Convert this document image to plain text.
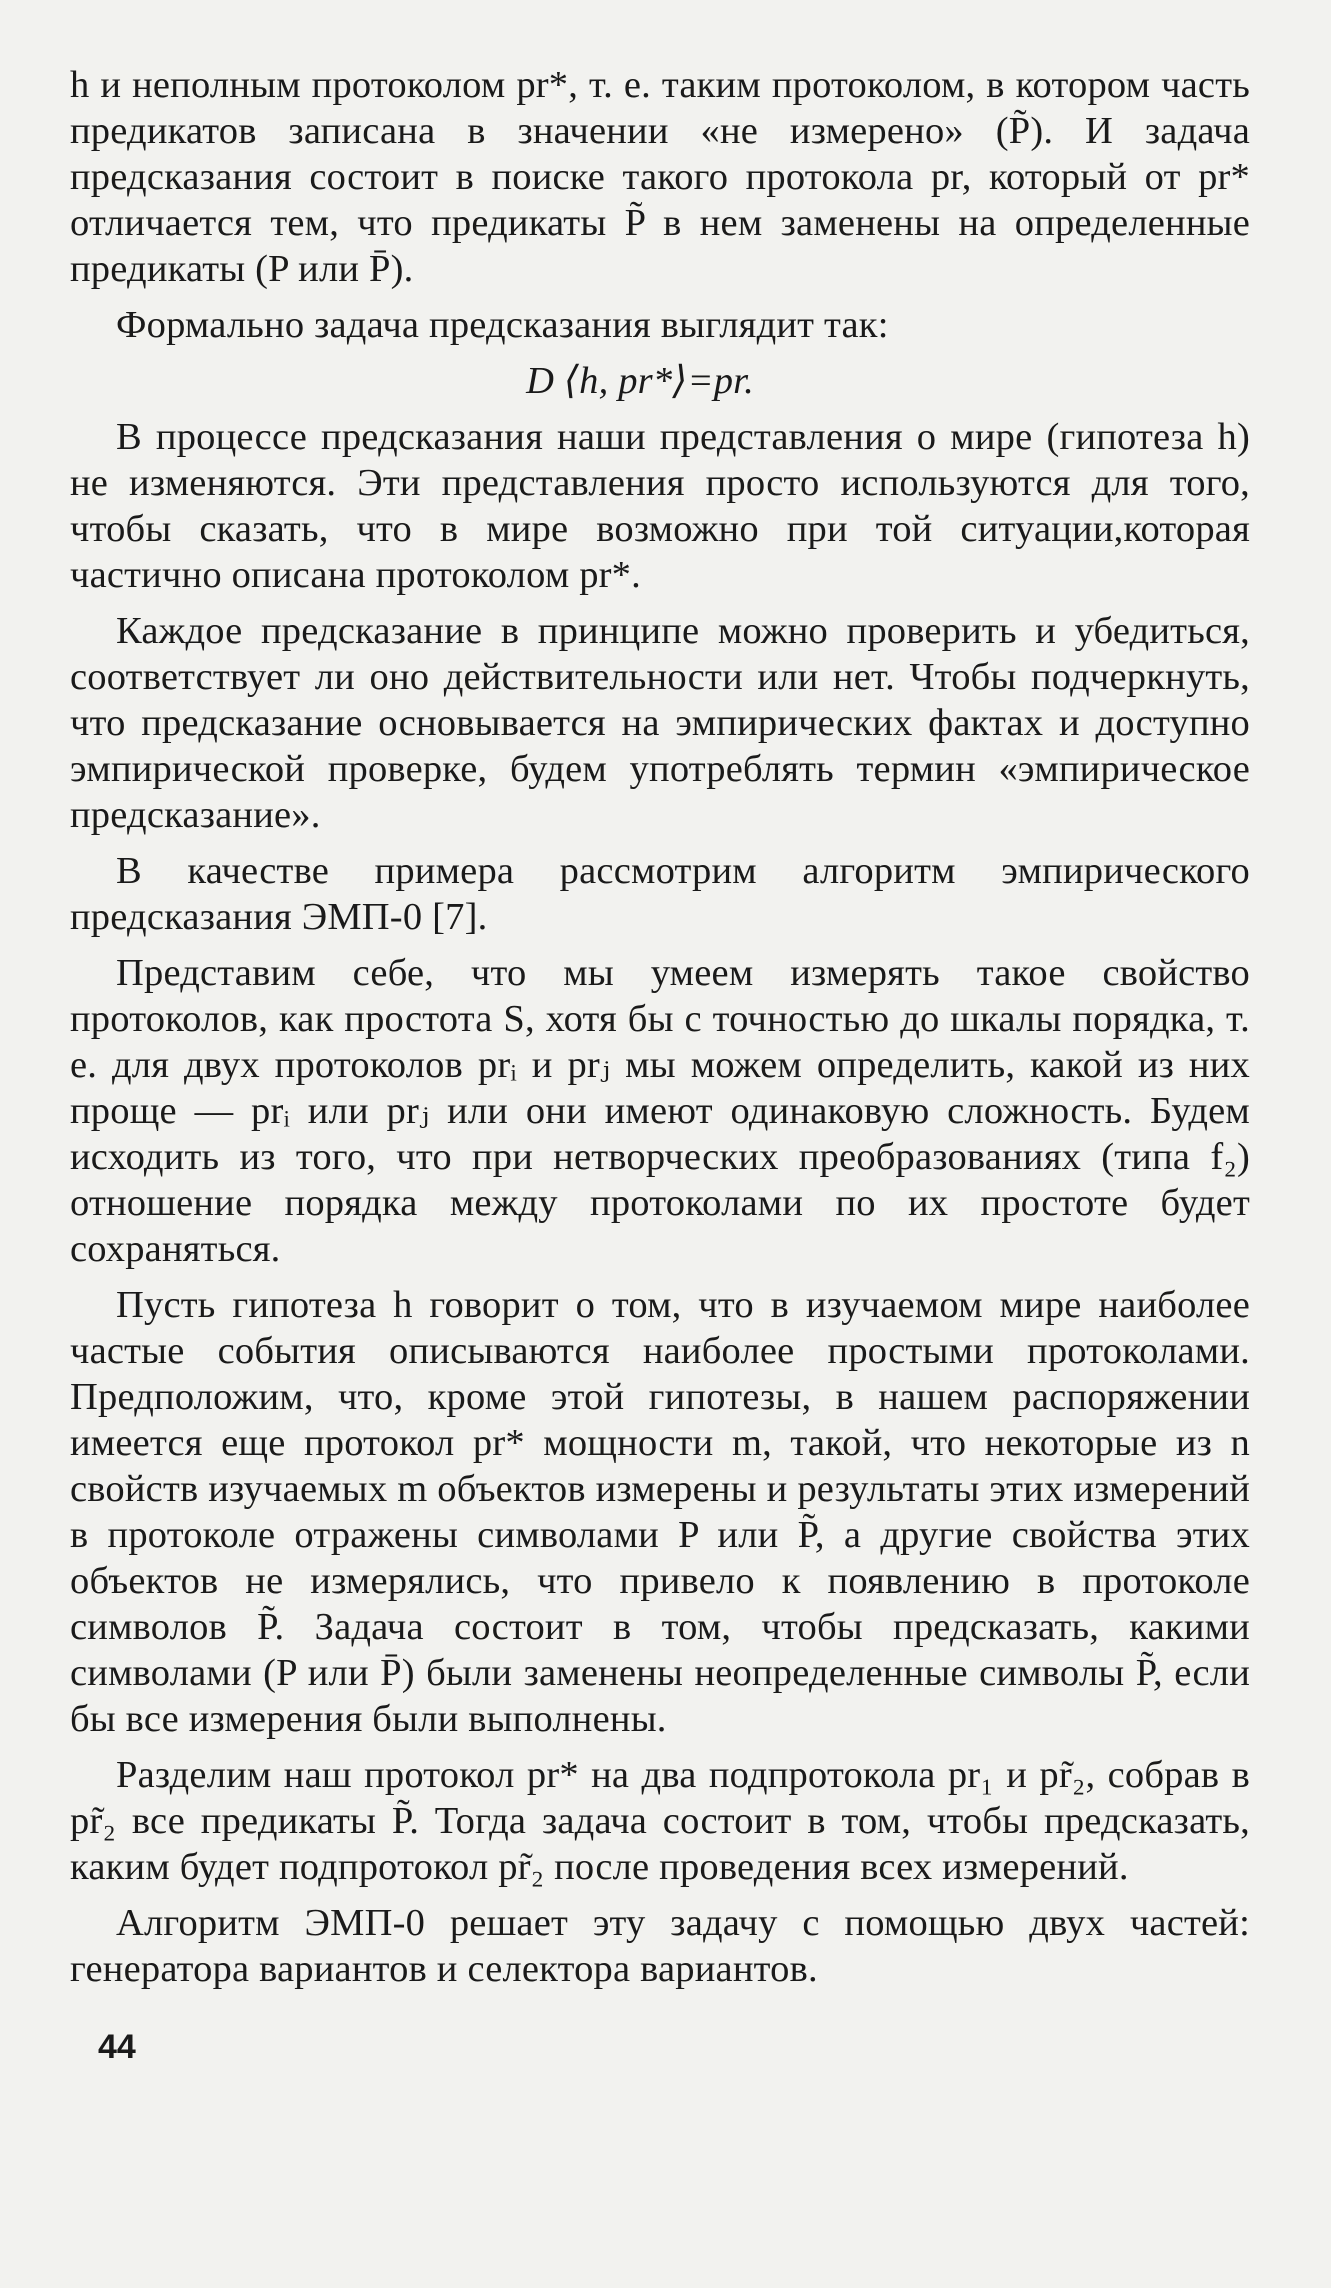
h и неполным протоколом pr*, т. е. таким протоколом, в котором часть предикатов записана в значении «не измерено» (P̃). И задача предсказания состоит в поиске такого протокола pr, который от pr* отличается тем, что предикаты P̃ в нем заменены на определенные предикаты (P или P̄).

Формально задача предсказания выглядит так:

D ⟨h, pr*⟩=pr.

В процессе предсказания наши представления о мире (гипотеза h) не изменяются. Эти представления просто используются для того, чтобы сказать, что в мире возможно при той ситуации,которая частично описана протоколом pr*.

Каждое предсказание в принципе можно проверить и убедиться, соответствует ли оно действительности или нет. Чтобы подчеркнуть, что предсказание основывается на эмпирических фактах и доступно эмпирической проверке, будем употреблять термин «эмпирическое предсказание».

В качестве примера рассмотрим алгоритм эмпирического предсказания ЭМП-0 [7].

Представим себе, что мы умеем измерять такое свойство протоколов, как простота S, хотя бы с точностью до шкалы порядка, т. е. для двух протоколов prᵢ и prⱼ мы можем определить, какой из них проще — prᵢ или prⱼ или они имеют одинаковую сложность. Будем исходить из того, что при нетворческих преобразованиях (типа f₂) отношение порядка между протоколами по их простоте будет сохраняться.

Пусть гипотеза h говорит о том, что в изучаемом мире наиболее частые события описываются наиболее простыми протоколами. Предположим, что, кроме этой гипотезы, в нашем распоряжении имеется еще протокол pr* мощности m, такой, что некоторые из n свойств изучаемых m объектов измерены и результаты этих измерений в протоколе отражены символами P или P̃, а другие свойства этих объектов не измерялись, что привело к появлению в протоколе символов P̃. Задача состоит в том, чтобы предсказать, какими символами (P или P̄) были заменены неопределенные символы P̃, если бы все измерения были выполнены.

Разделим наш протокол pr* на два подпротокола pr₁ и pr̃₂, собрав в pr̃₂ все предикаты P̃. Тогда задача состоит в том, чтобы предсказать, каким будет подпротокол pr̃₂ после проведения всех измерений.

Алгоритм ЭМП-0 решает эту задачу с помощью двух частей: генератора вариантов и селектора вариантов.

44
